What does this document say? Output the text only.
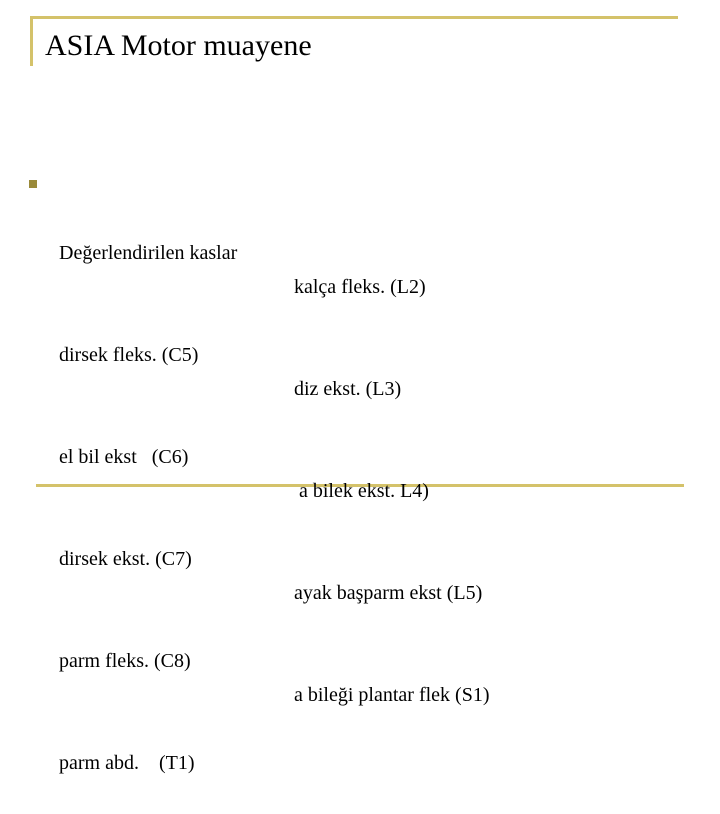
ASIA Motor muayene

Değerlendirilen kaslar

dirsek fleks. (C5)

el bil ekst   (C6)

dirsek ekst. (C7)

parm fleks. (C8)

parm abd.    (T1)

kalça fleks. (L2)

diz ekst. (L3)

a bilek ekst. L4)

ayak başparm ekst (L5)

a bileği plantar flek (S1)
